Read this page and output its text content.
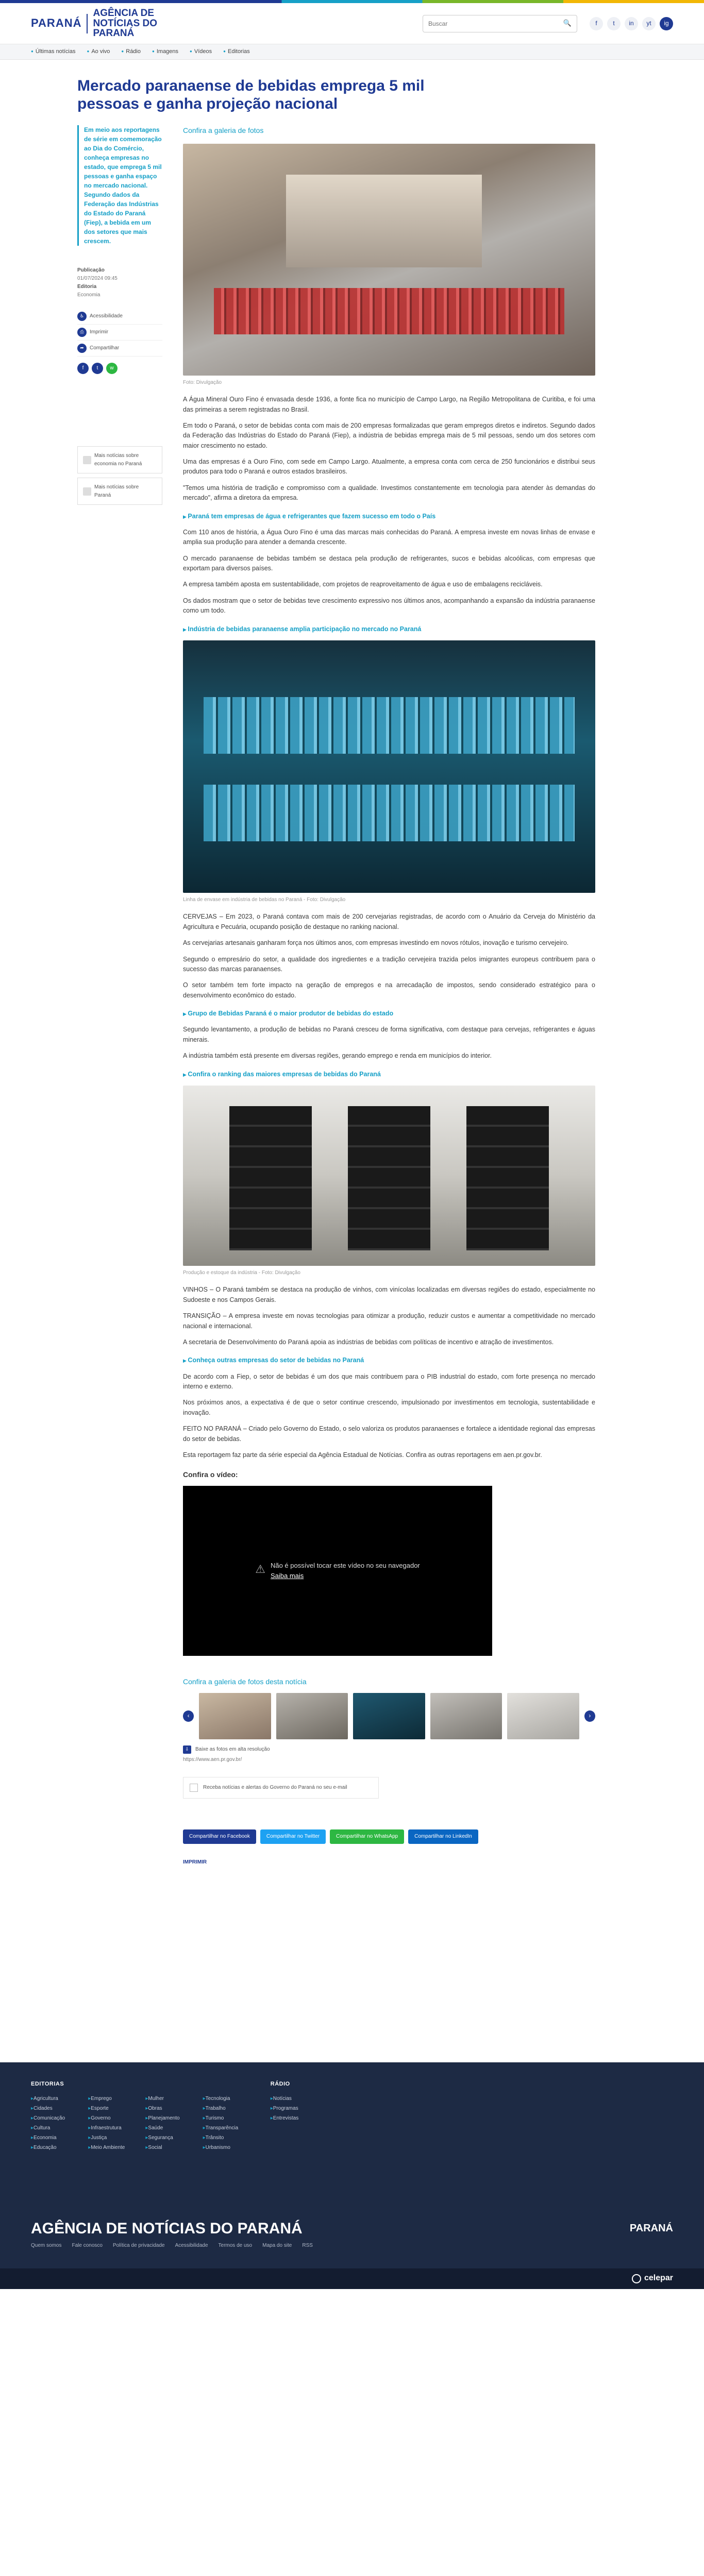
PARANÁ
AGÊNCIA DE NOTÍCIAS DO PARANÁ
Buscar
🔍	f	t	in	yt	ig
● Últimas notícias	● Ao vivo	● Rádio	● Imagens	● Vídeos	● Editorias
Mercado paranaense de bebidas emprega 5 mil pessoas e ganha projeção nacional

Em meio aos reportagens de série em comemoração ao Dia do Comércio, conheça empresas no estado, que emprega 5 mil pessoas e ganha espaço no mercado nacional. Segundo dados da Federação das Indústrias do Estado do Paraná (Fiep), a bebida em um dos setores que mais crescem.

Publicação
01/07/2024 09:45
Editoria
Economia
♿	Acessibilidade
⎙	Imprimir
➦	Compartilhar
f	t	w
Mais notícias sobre economia no Paraná
Mais notícias sobre Paraná
Confira a galeria de fotos
Foto: Divulgação

A Água Mineral Ouro Fino é envasada desde 1936, a fonte fica no município de Campo Largo, na Região Metropolitana de Curitiba, e foi uma das primeiras a serem registradas no Brasil.

Em todo o Paraná, o setor de bebidas conta com mais de 200 empresas formalizadas que geram empregos diretos e indiretos. Segundo dados da Federação das Indústrias do Estado do Paraná (Fiep), a indústria de bebidas emprega mais de 5 mil pessoas, sendo um dos setores com maior crescimento no estado.

Uma das empresas é a Ouro Fino, com sede em Campo Largo. Atualmente, a empresa conta com cerca de 250 funcionários e distribui seus produtos para todo o Paraná e outros estados brasileiros.

"Temos uma história de tradição e compromisso com a qualidade. Investimos constantemente em tecnologia para atender às demandas do mercado", afirma a diretora da empresa.

▶ Paraná tem empresas de água e refrigerantes que fazem sucesso em todo o País

Com 110 anos de história, a Água Ouro Fino é uma das marcas mais conhecidas do Paraná. A empresa investe em novas linhas de envase e amplia sua produção para atender a demanda crescente.

O mercado paranaense de bebidas também se destaca pela produção de refrigerantes, sucos e bebidas alcoólicas, com empresas que exportam para diversos países.

A empresa também aposta em sustentabilidade, com projetos de reaproveitamento de água e uso de embalagens recicláveis.

Os dados mostram que o setor de bebidas teve crescimento expressivo nos últimos anos, acompanhando a expansão da indústria paranaense como um todo.

▶ Indústria de bebidas paranaense amplia participação no mercado no Paraná
Linha de envase em indústria de bebidas no Paraná - Foto: Divulgação

CERVEJAS – Em 2023, o Paraná contava com mais de 200 cervejarias registradas, de acordo com o Anuário da Cerveja do Ministério da Agricultura e Pecuária, ocupando posição de destaque no ranking nacional.

As cervejarias artesanais ganharam força nos últimos anos, com empresas investindo em novos rótulos, inovação e turismo cervejeiro.

Segundo o empresário do setor, a qualidade dos ingredientes e a tradição cervejeira trazida pelos imigrantes europeus contribuem para o sucesso das marcas paranaenses.

O setor também tem forte impacto na geração de empregos e na arrecadação de impostos, sendo considerado estratégico para o desenvolvimento econômico do estado.

▶ Grupo de Bebidas Paraná é o maior produtor de bebidas do estado

Segundo levantamento, a produção de bebidas no Paraná cresceu de forma significativa, com destaque para cervejas, refrigerantes e águas minerais.

A indústria também está presente em diversas regiões, gerando emprego e renda em municípios do interior.

▶ Confira o ranking das maiores empresas de bebidas do Paraná
Produção e estoque da indústria - Foto: Divulgação

VINHOS – O Paraná também se destaca na produção de vinhos, com vinícolas localizadas em diversas regiões do estado, especialmente no Sudoeste e nos Campos Gerais.

TRANSIÇÃO – A empresa investe em novas tecnologias para otimizar a produção, reduzir custos e aumentar a competitividade no mercado nacional e internacional.

A secretaria de Desenvolvimento do Paraná apoia as indústrias de bebidas com políticas de incentivo e atração de investimentos.

▶ Conheça outras empresas do setor de bebidas no Paraná

De acordo com a Fiep, o setor de bebidas é um dos que mais contribuem para o PIB industrial do estado, com forte presença no mercado interno e externo.

Nos próximos anos, a expectativa é de que o setor continue crescendo, impulsionado por investimentos em tecnologia, sustentabilidade e inovação.

FEITO NO PARANÁ – Criado pelo Governo do Estado, o selo valoriza os produtos paranaenses e fortalece a identidade regional das empresas do setor de bebidas.

Esta reportagem faz parte da série especial da Agência Estadual de Notícias. Confira as outras reportagens em aen.pr.gov.br.

Confira o vídeo:
⚠ Não é possível tocar este vídeo no seu navegador
Saiba mais
Confira a galeria de fotos desta notícia
‹	›
⇩	Baixe as fotos em alta resolução
https://www.aen.pr.gov.br/
Receba notícias e alertas do Governo do Paraná no seu e-mail
Compartilhar no Facebook	Compartilhar no Twitter	Compartilhar no WhatsApp	Compartilhar no LinkedIn
IMPRIMIR
EDITORIAS
▸ Agricultura
▸ Cidades
▸ Comunicação
▸ Cultura
▸ Economia
▸ Educação
▸ Emprego
▸ Esporte
▸ Governo
▸ Infraestrutura
▸ Justiça
▸ Meio Ambiente
▸ Mulher
▸ Obras
▸ Planejamento
▸ Saúde
▸ Segurança
▸ Social
▸ Tecnologia
▸ Trabalho
▸ Turismo
▸ Transparência
▸ Trânsito
▸ Urbanismo
RÁDIO
▸ Notícias
▸ Programas
▸ Entrevistas
AGÊNCIA DE NOTÍCIAS DO PARANÁ
Quem somos Fale conosco Política de privacidade Acessibilidade Termos de uso Mapa do site RSS
PARANÁ
celepar
